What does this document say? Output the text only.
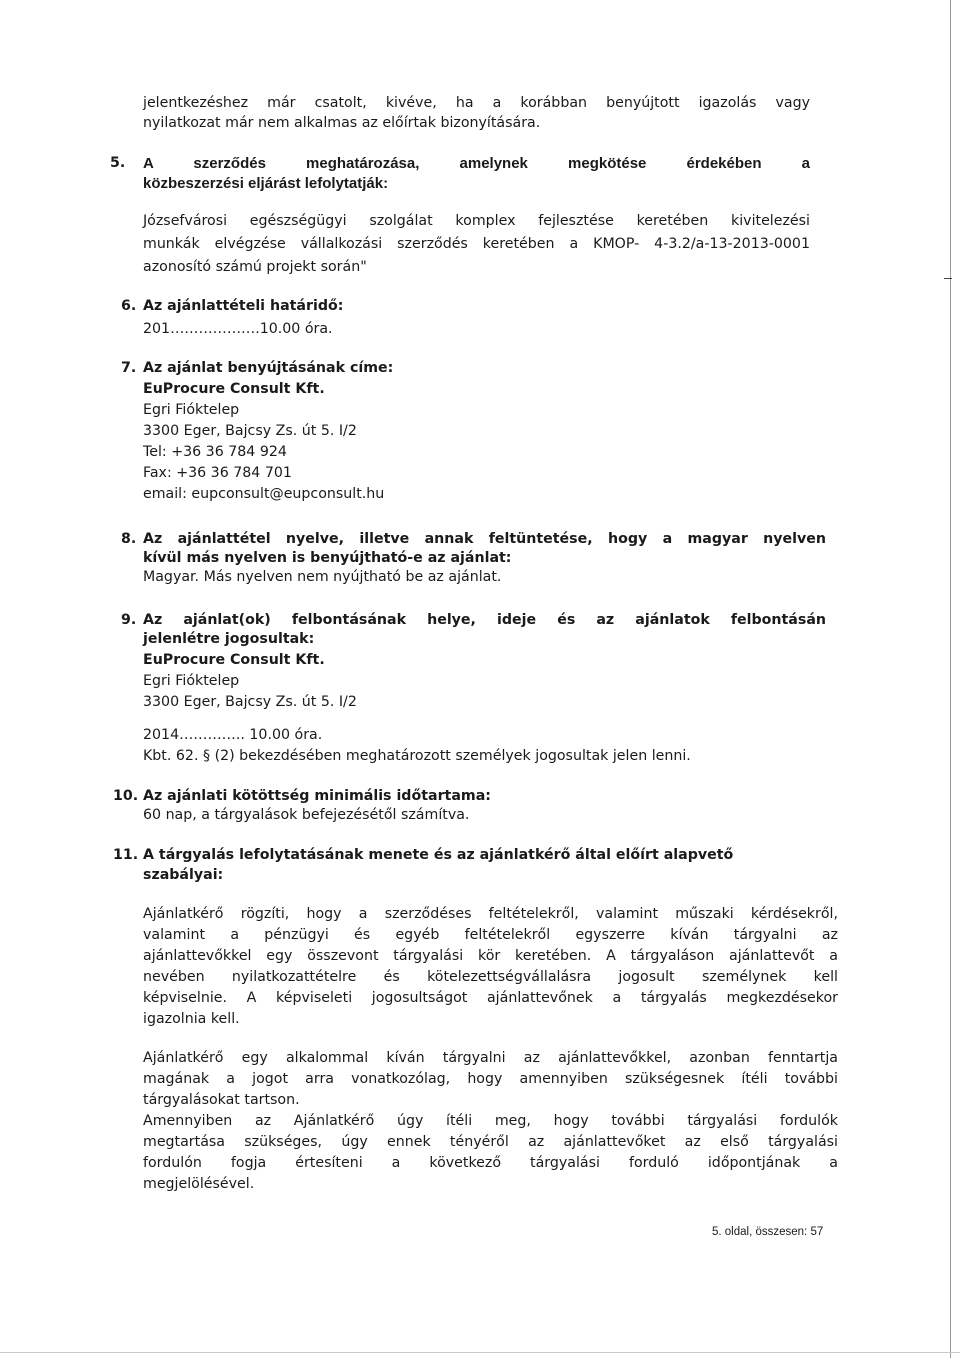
jelentkezéshez már csatolt, kivéve, ha a korábban benyújtott igazolás vagy
nyilatkozat már nem alkalmas az előírtak bizonyítására.
5. A szerződés meghatározása, amelynek megkötése érdekében a
közbeszerzési eljárást lefolytatják:
Józsefvárosi egészségügyi szolgálat komplex fejlesztése keretében kivitelezési
munkák elvégzése vállalkozási szerződés keretében a KMOP- 4-3.2/a-13-2013-0001
azonosító számú projekt során"
6. Az ajánlattételi határidő:
201……………….10.00 óra.
7. Az ajánlat benyújtásának címe:
EuProcure Consult Kft.
Egri Fióktelep
3300 Eger, Bajcsy Zs. út 5. I/2
Tel: +36 36 784 924
Fax: +36 36 784 701
email: eupconsult@eupconsult.hu
8. Az ajánlattétel nyelve, illetve annak feltüntetése, hogy a magyar nyelven
kívül más nyelven is benyújtható-e az ajánlat:
Magyar. Más nyelven nem nyújtható be az ajánlat.
9. Az ajánlat(ok) felbontásának helye, ideje és az ajánlatok felbontásán
jelenlétre jogosultak:
EuProcure Consult Kft.
Egri Fióktelep
3300 Eger, Bajcsy Zs. út 5. I/2
2014………….. 10.00 óra.
Kbt. 62. § (2) bekezdésében meghatározott személyek jogosultak jelen lenni.
10. Az ajánlati kötöttség minimális időtartama:
60 nap, a tárgyalások befejezésétől számítva.
11. A tárgyalás lefolytatásának menete és az ajánlatkérő által előírt alapvető
szabályai:
Ajánlatkérő rögzíti, hogy a szerződéses feltételekről, valamint műszaki kérdésekről,
valamint a pénzügyi és egyéb feltételekről egyszerre kíván tárgyalni az
ajánlattevőkkel egy összevont tárgyalási kör keretében. A tárgyaláson ajánlattevőt a
nevében nyilatkozattételre és kötelezettségvállalásra jogosult személynek kell
képviselnie. A képviseleti jogosultságot ajánlattevőnek a tárgyalás megkezdésekor
igazolnia kell.
Ajánlatkérő egy alkalommal kíván tárgyalni az ajánlattevőkkel, azonban fenntartja
magának a jogot arra vonatkozólag, hogy amennyiben szükségesnek ítéli további
tárgyalásokat tartson.
Amennyiben az Ajánlatkérő úgy ítéli meg, hogy további tárgyalási fordulók
megtartása szükséges, úgy ennek tényéről az ajánlattevőket az első tárgyalási
fordulón fogja értesíteni a következő tárgyalási forduló időpontjának a
megjelölésével.
5. oldal, összesen: 57
